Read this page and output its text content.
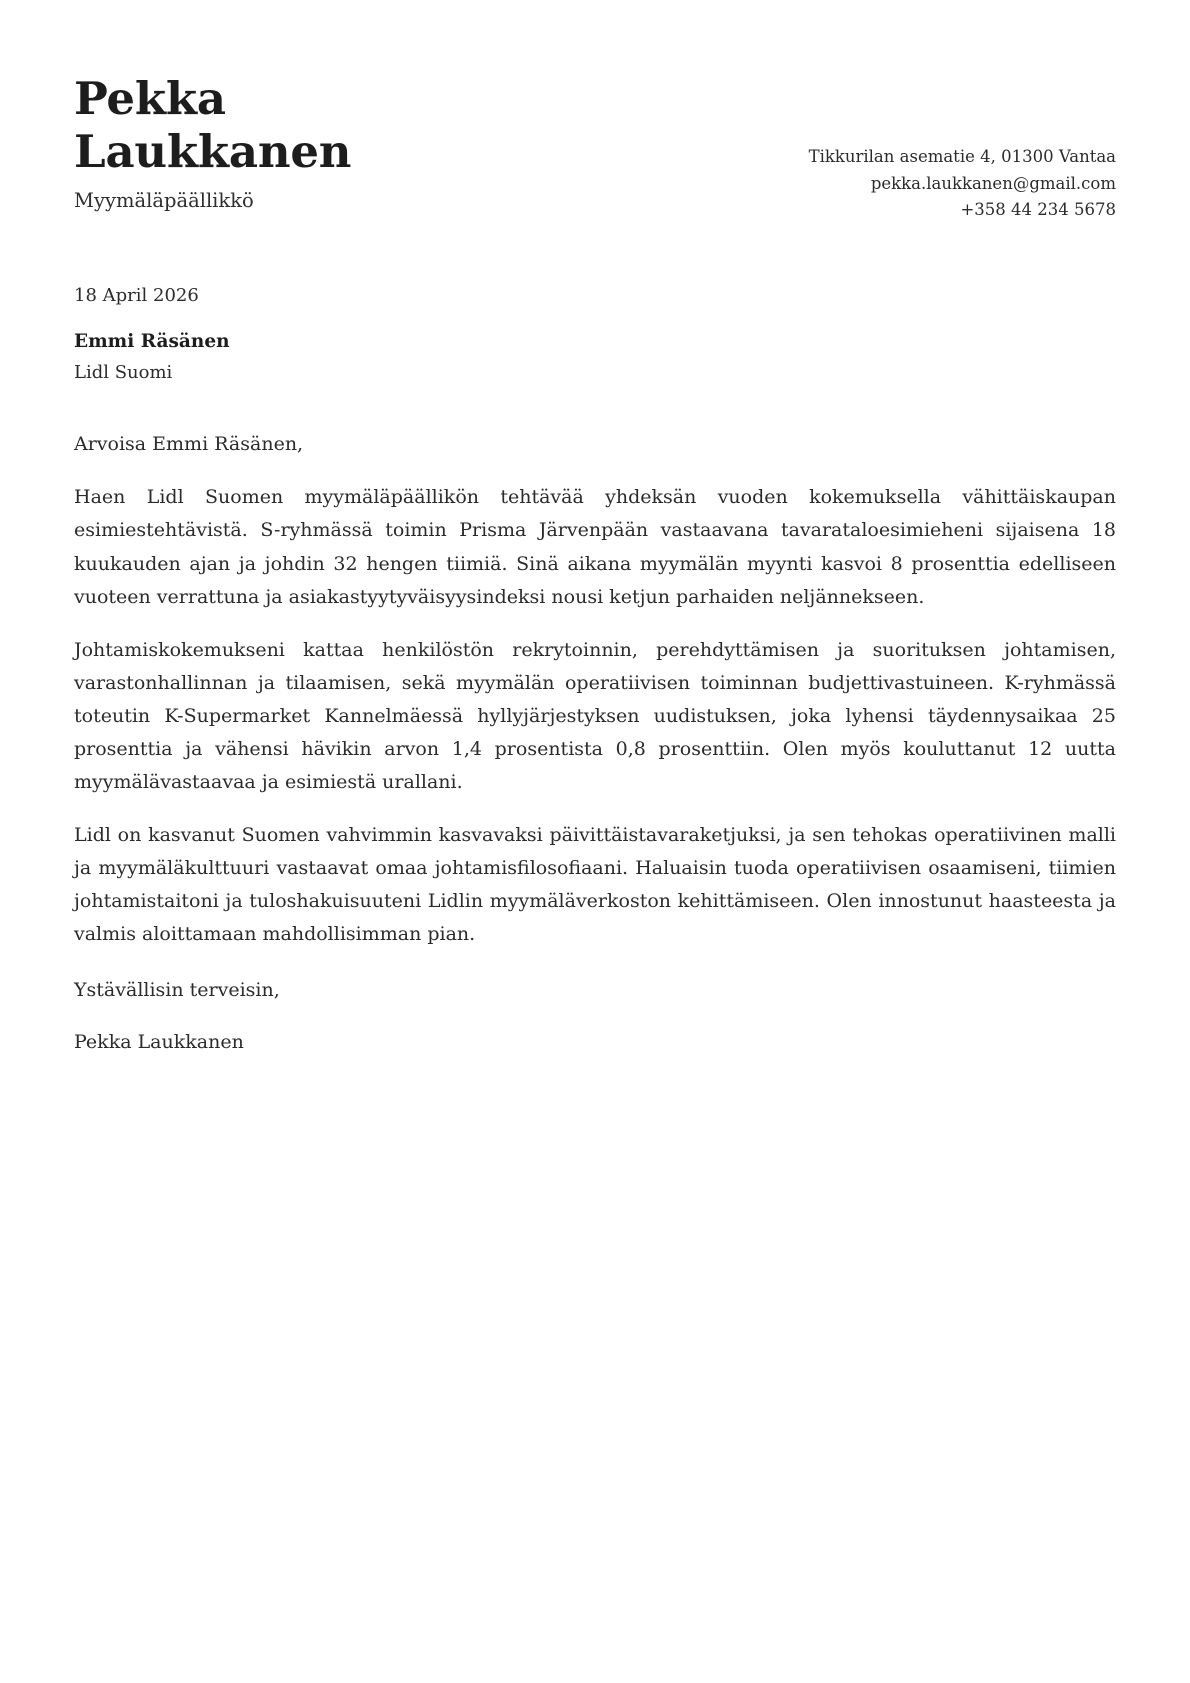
Pekka
Laukkanen
Myymäläpäällikkö
Tikkurilan asematie 4, 01300 Vantaa
pekka.laukkanen@gmail.com
+358 44 234 5678
18 April 2026
Emmi Räsänen
Lidl Suomi
Arvoisa Emmi Räsänen,

Haen Lidl Suomen myymäläpäällikön tehtävää yhdeksän vuoden kokemuksella vähittäiskaupan esimiestehtävistä. S-ryhmässä toimin Prisma Järvenpään vastaavana tavarataloesimieheni sijaisena 18 kuukauden ajan ja johdin 32 hengen tiimiä. Sinä aikana myymälän myynti kasvoi 8 prosenttia edelliseen vuoteen verrattuna ja asiakastyytyväisyysindeksi nousi ketjun parhaiden neljännekseen.

Johtamiskokemukseni kattaa henkilöstön rekrytoinnin, perehdyttämisen ja suorituksen johtamisen, varastonhallinnan ja tilaamisen, sekä myymälän operatiivisen toiminnan budjettivastuineen. K-ryhmässä toteutin K-Supermarket Kannelmäessä hyllyjärjestyksen uudistuksen, joka lyhensi täydennysaikaa 25 prosenttia ja vähensi hävikin arvon 1,4 prosentista 0,8 prosenttiin. Olen myös kouluttanut 12 uutta myymälävastaavaa ja esimiestä urallani.

Lidl on kasvanut Suomen vahvimmin kasvavaksi päivittäistavaraketjuksi, ja sen tehokas operatiivinen malli ja myymäläkulttuuri vastaavat omaa johtamisfilosofiaani. Haluaisin tuoda operatiivisen osaamiseni, tiimien johtamistaitoni ja tuloshakuisuuteni Lidlin myymäläverkoston kehittämiseen. Olen innostunut haasteesta ja valmis aloittamaan mahdollisimman pian.

Ystävällisin terveisin,
Pekka Laukkanen
